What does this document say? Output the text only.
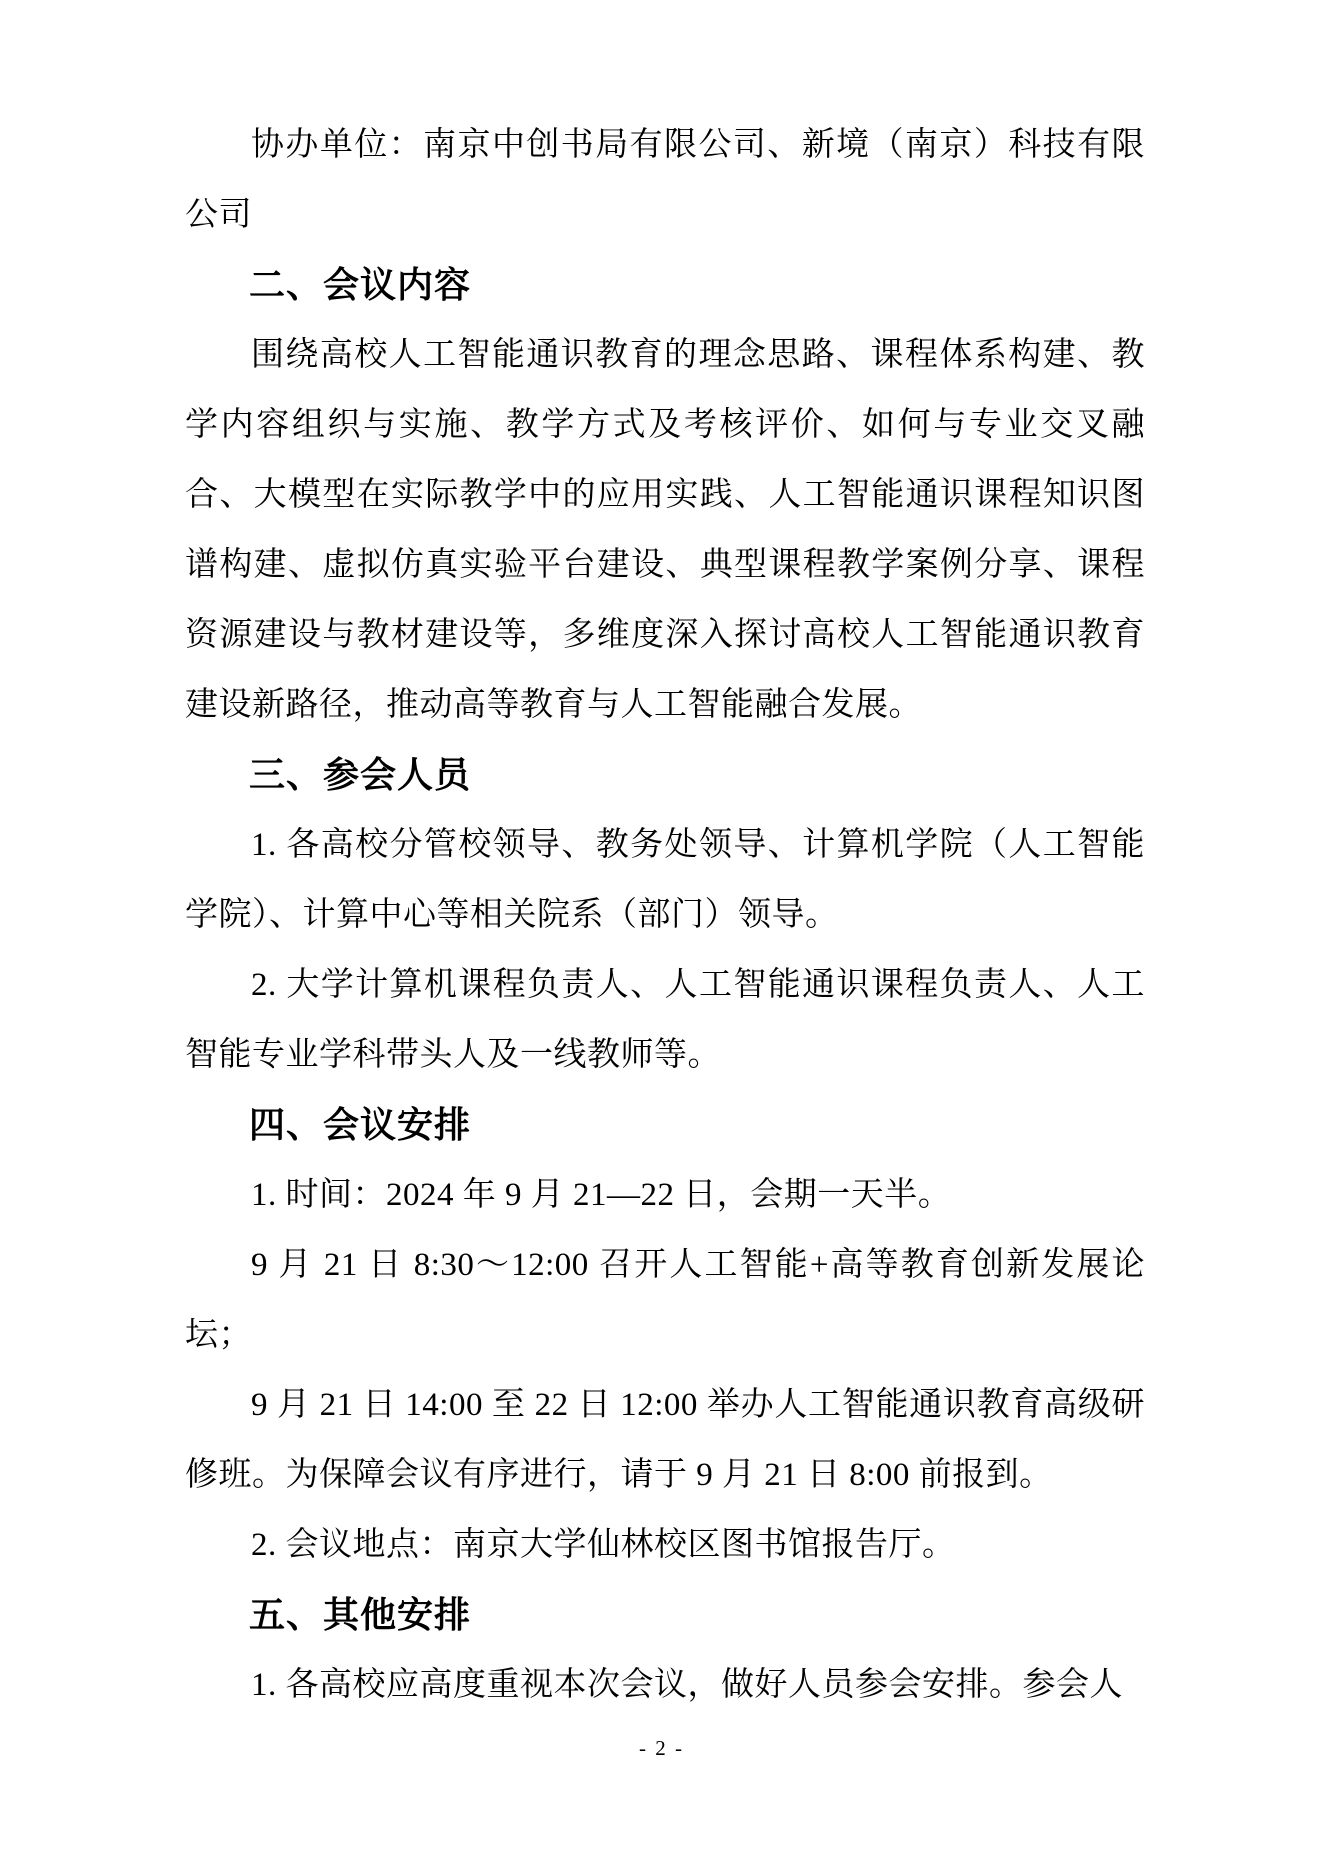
协办单位：南京中创书局有限公司、新境（南京）科技有限公司

二、会议内容

围绕高校人工智能通识教育的理念思路、课程体系构建、教学内容组织与实施、教学方式及考核评价、如何与专业交叉融合、大模型在实际教学中的应用实践、人工智能通识课程知识图谱构建、虚拟仿真实验平台建设、典型课程教学案例分享、课程资源建设与教材建设等，多维度深入探讨高校人工智能通识教育建设新路径，推动高等教育与人工智能融合发展。

三、参会人员

1. 各高校分管校领导、教务处领导、计算机学院（人工智能学院）、计算中心等相关院系（部门）领导。

2. 大学计算机课程负责人、人工智能通识课程负责人、人工智能专业学科带头人及一线教师等。

四、会议安排

1. 时间：2024 年 9 月 21—22 日，会期一天半。

9 月 21 日 8:30～12:00 召开人工智能+高等教育创新发展论坛；

9 月 21 日 14:00 至 22 日 12:00 举办人工智能通识教育高级研修班。为保障会议有序进行，请于 9 月 21 日 8:00 前报到。

2. 会议地点：南京大学仙林校区图书馆报告厅。

五、其他安排

1. 各高校应高度重视本次会议，做好人员参会安排。参会人

- 2 -
